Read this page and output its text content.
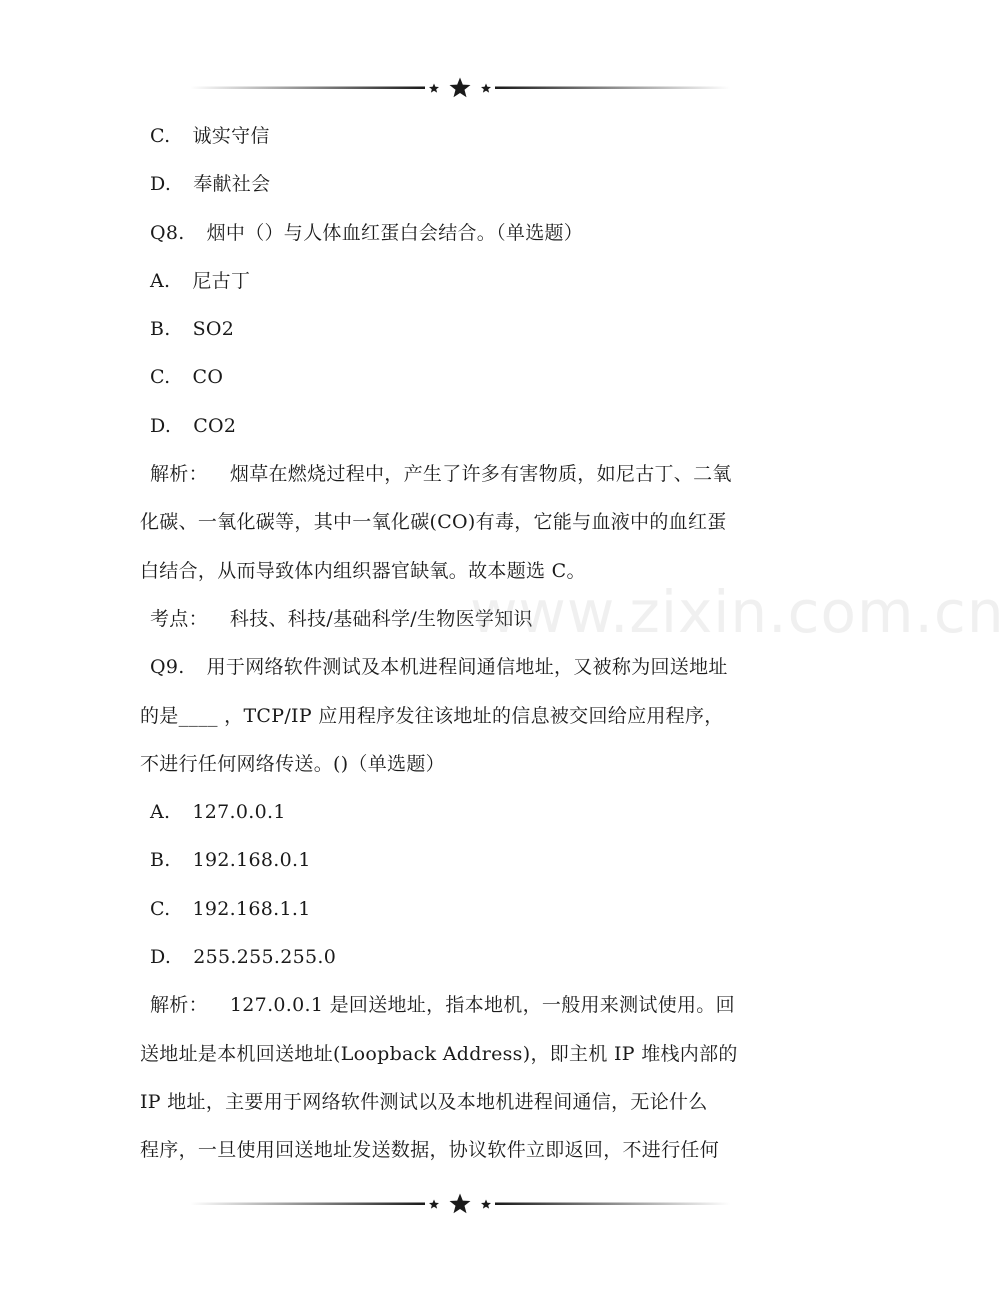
C. 诚实守信
D. 奉献社会
Q8. 烟中（）与人体血红蛋白会结合。（单选题）
A. 尼古丁
B. SO2
C. CO
D. CO2
解析： 烟草在燃烧过程中，产生了许多有害物质，如尼古丁、二氧
化碳、一氧化碳等，其中一氧化碳(CO)有毒，它能与血液中的血红蛋
白结合，从而导致体内组织器官缺氧。故本题选 C。
考点： 科技、科技/基础科学/生物医学知识
Q9. 用于网络软件测试及本机进程间通信地址，又被称为回送地址
的是____ ，TCP/IP 应用程序发往该地址的信息被交回给应用程序，
不进行任何网络传送。()（单选题）
A. 127.0.0.1
B. 192.168.0.1
C. 192.168.1.1
D. 255.255.255.0
解析： 127.0.0.1 是回送地址，指本地机，一般用来测试使用。回
送地址是本机回送地址(Loopback Address)，即主机 IP 堆栈内部的
IP 地址，主要用于网络软件测试以及本地机进程间通信，无论什么
程序，一旦使用回送地址发送数据，协议软件立即返回，不进行任何
www.zixin.com.cn
